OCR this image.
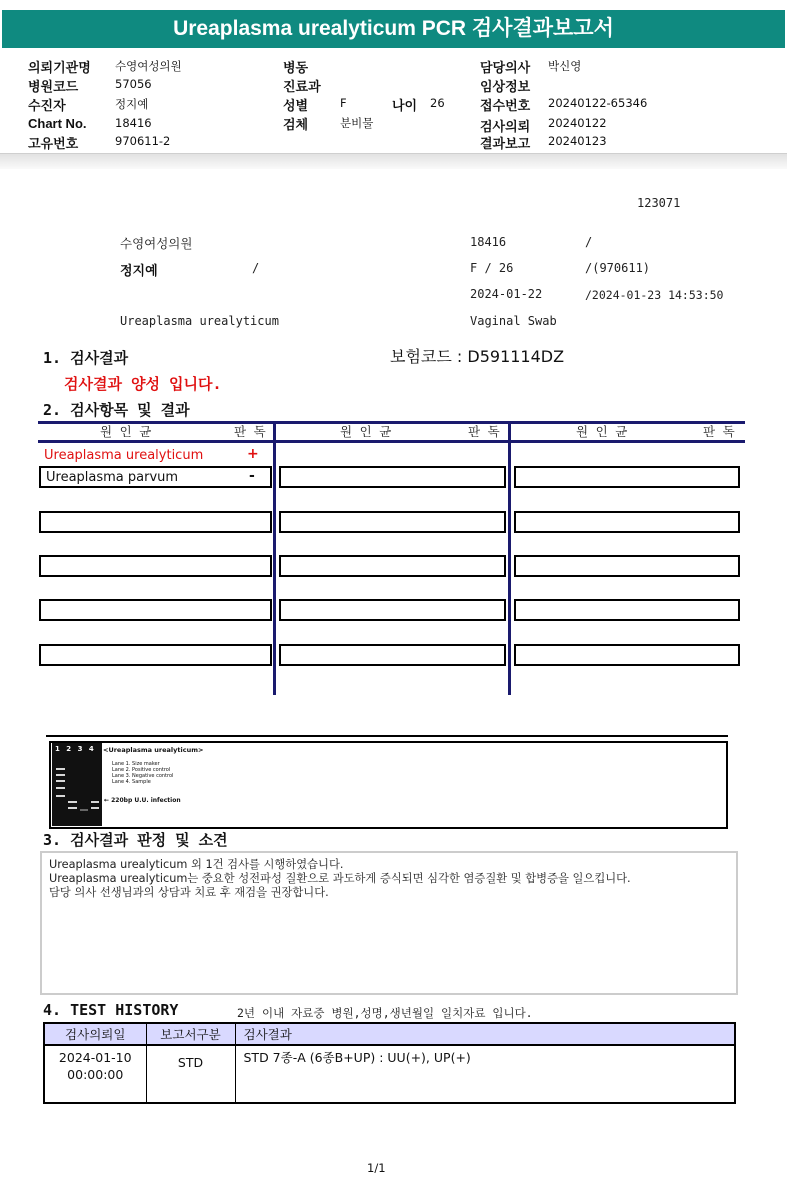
Ureaplasma urealyticum PCR 검사결과보고서
의뢰기관명 수영여성의원
병원코드	57056
수진자	정지예
Chart No. 18416
고유번호	970611-2
병동
진료과
성별	F	나이 26
검체	분비물
담당의사 박신영
임상정보
접수번호 20240122-65346
검사의뢰 20240122
결과보고 20240123
123071
수영여성의원	18416	/
정지예	/	F / 26	/(970611)
2024-01-22	/2024-01-23 14:53:50
Ureaplasma urealyticum	Vaginal Swab
1. 검사결과	보험코드 : D591114DZ
검사결과 양성 입니다.
2. 검사항목 및 결과
원 인 균	판 독	원 인 균	판 독	원 인 균	판 독
Ureaplasma urealyticum	+
Ureaplasma parvum	-
1 2 3 4 <Ureaplasma urealyticum>
Lane 1. Size maker
Lane 2. Positive control
Lane 3. Negative control
Lane 4. Sample
← 220bp U.U. infection
3. 검사결과 판정 및 소견
Ureaplasma urealyticum 외 1건 검사를 시행하였습니다.
Ureaplasma urealyticum는 중요한 성전파성 질환으로 과도하게 증식되면 심각한 염증질환 및 합병증을 일으킵니다.
담당 의사 선생님과의 상담과 치료 후 재검을 권장합니다.
4. TEST HISTORY	2년 이내 자료중 병원,성명,생년월일 일치자료 입니다.
검사의뢰일	보고서구분	검사결과

2024-01-10
00:00:00	STD	STD 7종-A (6종B+UP) : UU(+), UP(+)
1/1
